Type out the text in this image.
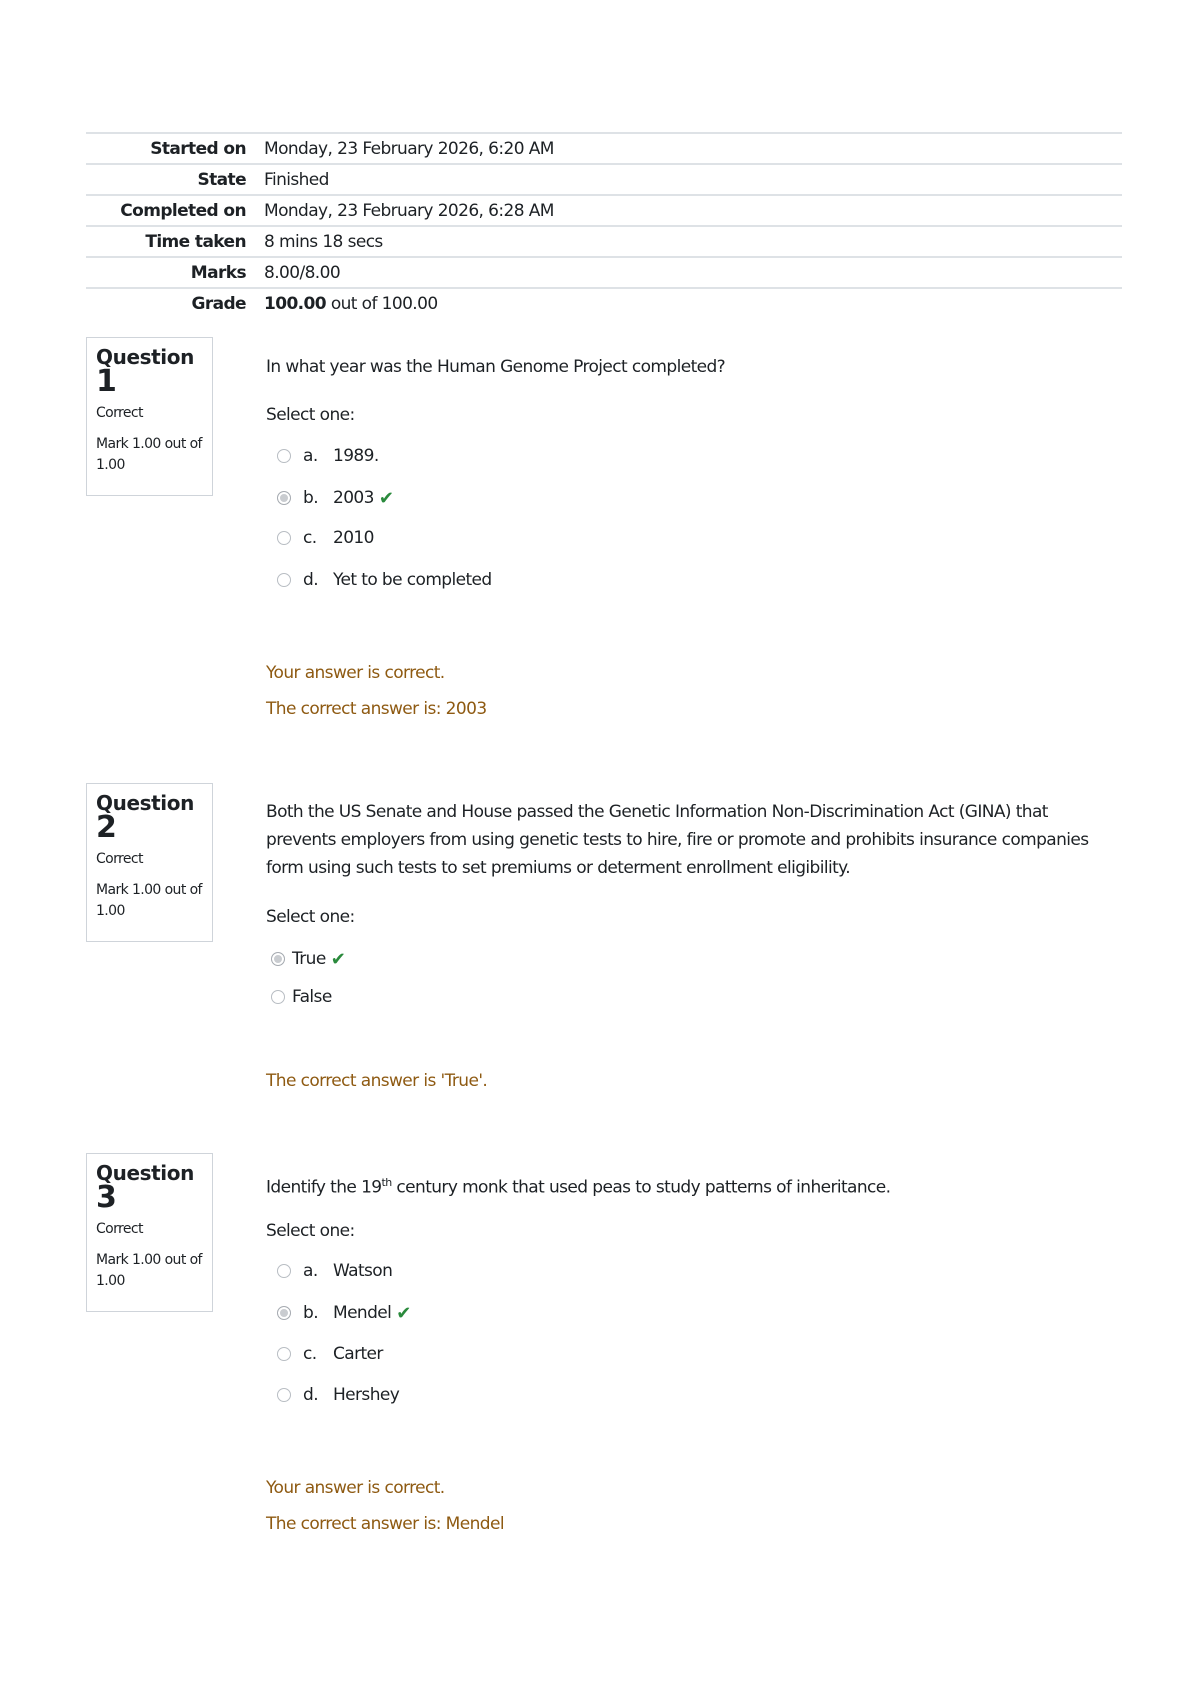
Started on	Monday, 23 February 2026, 6:20 AM
State	Finished
Completed on	Monday, 23 February 2026, 6:28 AM
Time taken	8 mins 18 secs
Marks	8.00/8.00
Grade	100.00 out of 100.00
Question
1
Correct
Mark 1.00 out of 1.00
In what year was the Human Genome Project completed?
Select one:
a. 1989.
b. 2003 ✔
c. 2010
d. Yet to be completed
Your answer is correct.
The correct answer is: 2003
Question
2
Correct
Mark 1.00 out of 1.00
Both the US Senate and House passed the Genetic Information Non-Discrimination Act (GINA) that prevents employers from using genetic tests to hire, fire or promote and prohibits insurance companies form using such tests to set premiums or determent enrollment eligibility.
Select one:
True ✔
False
The correct answer is 'True'.
Question
3
Correct
Mark 1.00 out of 1.00
Identify the 19th century monk that used peas to study patterns of inheritance.
Select one:
a. Watson
b. Mendel ✔
c. Carter
d. Hershey
Your answer is correct.
The correct answer is: Mendel
